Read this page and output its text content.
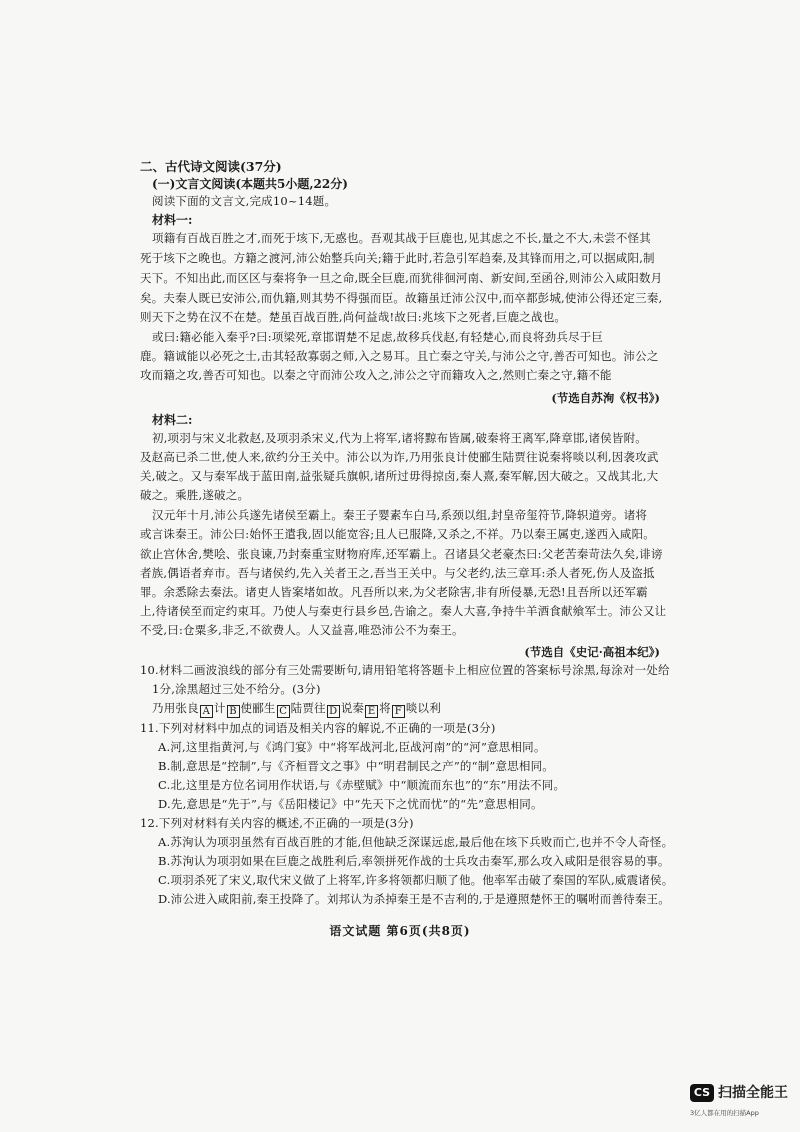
二、古代诗文阅读(37分)
(一)文言文阅读(本题共5小题,22分)
阅读下面的文言文,完成10~14题。
材料一:
项籍有百战百胜之才,而死于垓下,无惑也。吾观其战于巨鹿也,见其虑之不长,量之不大,未尝不怪其
死于垓下之晚也。方籍之渡河,沛公始整兵向关;籍于此时,若急引军趋秦,及其锋而用之,可以据咸阳,制
天下。不知出此,而区区与秦将争一旦之命,既全巨鹿,而犹徘徊河南、新安间,至函谷,则沛公入咸阳数月
矣。夫秦人既已安沛公,而仇籍,则其势不得强而臣。故籍虽迁沛公汉中,而卒都彭城,使沛公得还定三秦,
则天下之势在汉不在楚。楚虽百战百胜,尚何益哉!故曰:兆垓下之死者,巨鹿之战也。
或曰:籍必能入秦乎?曰:项梁死,章邯谓楚不足虑,故移兵伐赵,有轻楚心,而良将劲兵尽于巨
鹿。籍诚能以必死之士,击其轻敌寡弱之师,入之易耳。且亡秦之守关,与沛公之守,善否可知也。沛公之
攻而籍之攻,善否可知也。以秦之守而沛公攻入之,沛公之守而籍攻入之,然则亡秦之守,籍不能
(节选自苏洵《权书》)
材料二:
初,项羽与宋义北救赵,及项羽杀宋义,代为上将军,诸将黥布皆属,破秦将王离军,降章邯,诸侯皆附。
及赵高已杀二世,使人来,欲约分王关中。沛公以为诈,乃用张良计使郦生陆贾往说秦将啖以利,因袭攻武
关,破之。又与秦军战于蓝田南,益张疑兵旗帜,诸所过毋得掠卤,秦人熹,秦军解,因大破之。又战其北,大
破之。乘胜,遂破之。
汉元年十月,沛公兵遂先诸侯至霸上。秦王子婴素车白马,系颈以组,封皇帝玺符节,降轵道旁。诸将
或言诛秦王。沛公曰:始怀王遣我,固以能宽容;且人已服降,又杀之,不祥。乃以秦王属吏,遂西入咸阳。
欲止宫休舍,樊哙、张良谏,乃封秦重宝财物府库,还军霸上。召诸县父老豪杰曰:父老苦秦苛法久矣,诽谤
者族,偶语者弃市。吾与诸侯约,先入关者王之,吾当王关中。与父老约,法三章耳:杀人者死,伤人及盗抵
罪。余悉除去秦法。诸吏人皆案堵如故。凡吾所以来,为父老除害,非有所侵暴,无恐!且吾所以还军霸
上,待诸侯至而定约束耳。乃使人与秦吏行县乡邑,告谕之。秦人大喜,争持牛羊酒食献飨军士。沛公又让
不受,曰:仓粟多,非乏,不欲费人。人又益喜,唯恐沛公不为秦王。
(节选自《史记·高祖本纪》)
10.材料二画波浪线的部分有三处需要断句,请用铅笔将答题卡上相应位置的答案标号涂黑,每涂对一处给
1分,涂黑超过三处不给分。(3分)
乃用张良 A 计 B 使郦生 C 陆贾往 D 说秦 E 将 F 啖以利
11.下列对材料中加点的词语及相关内容的解说,不正确的一项是(3分)
A.河,这里指黄河,与《鸿门宴》中“将军战河北,臣战河南”的“河”意思相同。
B.制,意思是“控制”,与《齐桓晋文之事》中“明君制民之产”的“制”意思相同。
C.北,这里是方位名词用作状语,与《赤壁赋》中“顺流而东也”的“东”用法不同。
D.先,意思是“先于”,与《岳阳楼记》中“先天下之忧而忧”的“先”意思相同。
12.下列对材料有关内容的概述,不正确的一项是(3分)
A.苏洵认为项羽虽然有百战百胜的才能,但他缺乏深谋远虑,最后他在垓下兵败而亡,也并不令人奇怪。
B.苏洵认为项羽如果在巨鹿之战胜利后,率领拼死作战的士兵攻击秦军,那么攻入咸阳是很容易的事。
C.项羽杀死了宋义,取代宋义做了上将军,许多将领都归顺了他。他率军击破了秦国的军队,威震诸侯。
D.沛公进入咸阳前,秦王投降了。刘邦认为杀掉秦王是不吉利的,于是遵照楚怀王的嘱咐而善待秦王。
语文试题 第6页(共8页)
CS 扫描全能王
3亿人都在用的扫描App
